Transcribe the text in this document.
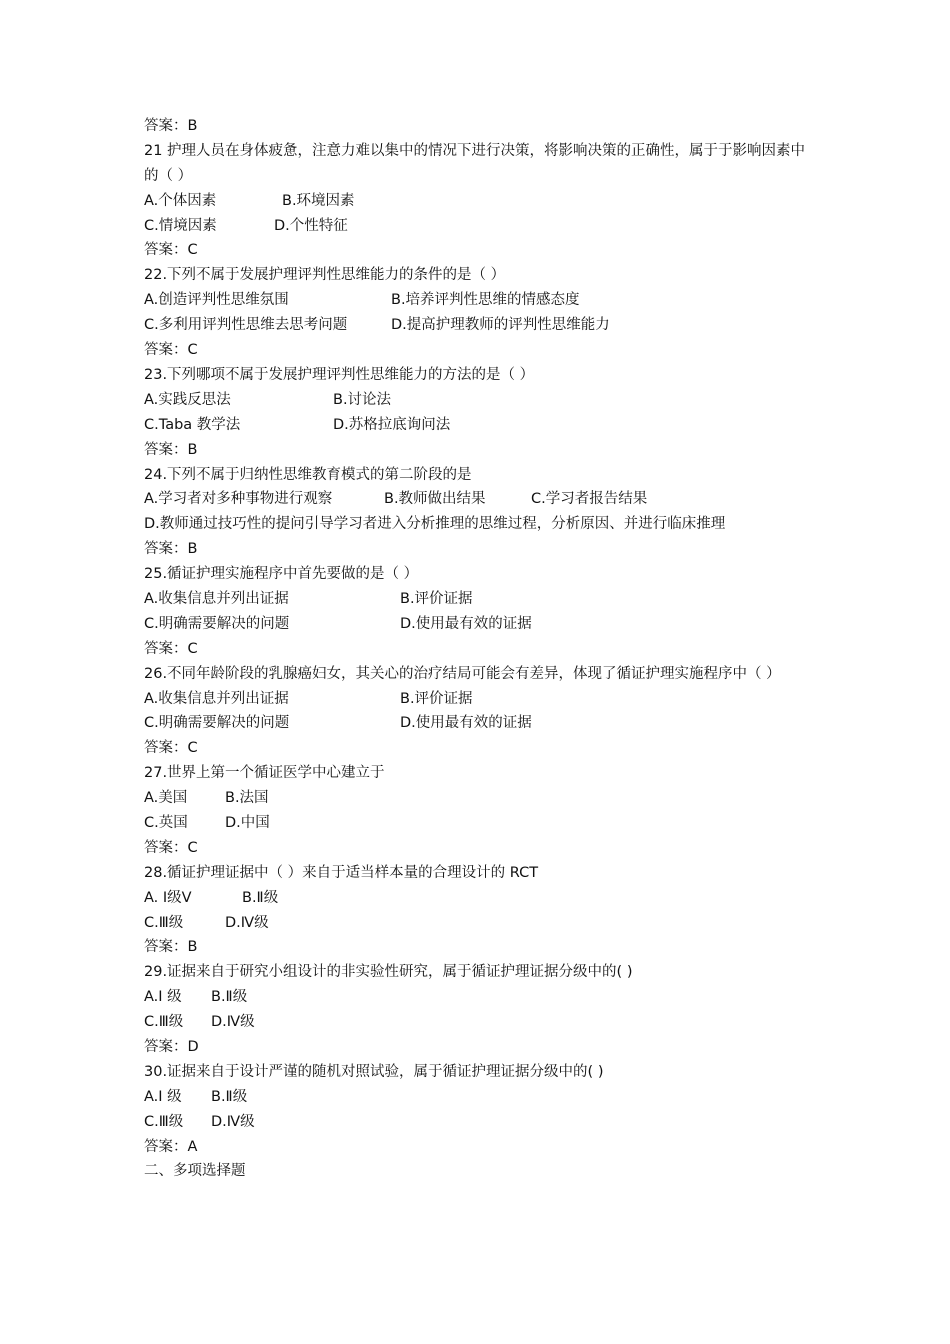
答案：B
21 护理人员在身体疲惫，注意力难以集中的情况下进行决策，将影响决策的正确性，属于于影响因素中的（ ）
A.个体因素	B.环境因素
C.情境因素	D.个性特征
答案：C
22.下列不属于发展护理评判性思维能力的条件的是（ ）
A.创造评判性思维氛围	B.培养评判性思维的情感态度
C.多利用评判性思维去思考问题	D.提高护理教师的评判性思维能力
答案：C
23.下列哪项不属于发展护理评判性思维能力的方法的是（ ）
A.实践反思法	B.讨论法
C.Taba 教学法	D.苏格拉底询问法
答案：B
24.下列不属于归纳性思维教育模式的第二阶段的是
A.学习者对多种事物进行观察	B.教师做出结果	C.学习者报告结果
D.教师通过技巧性的提问引导学习者进入分析推理的思维过程，分析原因、并进行临床推理
答案：B
25.循证护理实施程序中首先要做的是（ ）
A.收集信息并列出证据	B.评价证据
C.明确需要解决的问题	D.使用最有效的证据
答案：C
26.不同年龄阶段的乳腺癌妇女，其关心的治疗结局可能会有差异，体现了循证护理实施程序中（ ）
A.收集信息并列出证据	B.评价证据
C.明确需要解决的问题	D.使用最有效的证据
答案：C
27.世界上第一个循证医学中心建立于
A.美国	B.法国
C.英国	D.中国
答案：C
28.循证护理证据中（ ）来自于适当样本量的合理设计的 RCT
A. Ⅰ级Ⅴ	B.Ⅱ级
C.Ⅲ级	D.Ⅳ级
答案：B
29.证据来自于研究小组设计的非实验性研究，属于循证护理证据分级中的( )
A.I 级	B.Ⅱ级
C.Ⅲ级	D.Ⅳ级
答案：D
30.证据来自于设计严谨的随机对照试验，属于循证护理证据分级中的( )
A.I 级	B.Ⅱ级
C.Ⅲ级	D.Ⅳ级
答案：A
二、多项选择题
